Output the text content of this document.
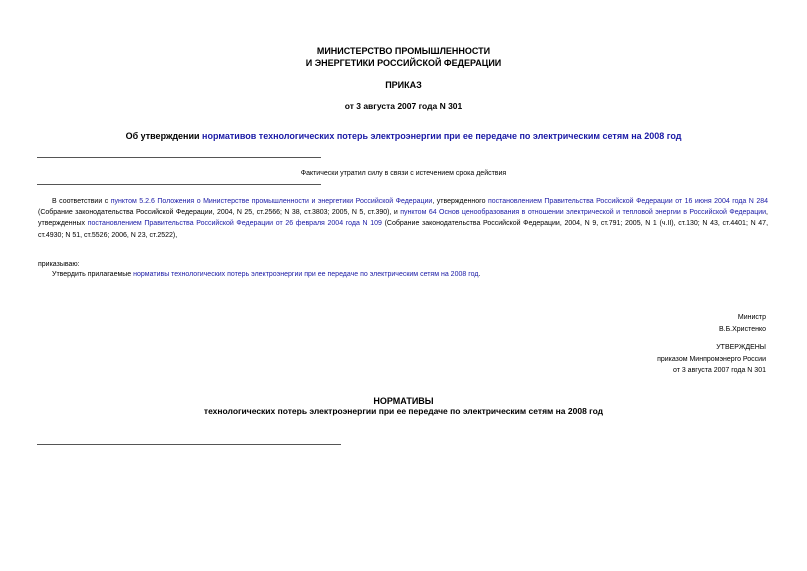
МИНИСТЕРСТВО ПРОМЫШЛЕННОСТИ
И ЭНЕРГЕТИКИ РОССИЙСКОЙ ФЕДЕРАЦИИ
ПРИКАЗ
от 3 августа 2007 года N 301
Об утверждении нормативов технологических потерь электроэнергии при ее передаче по электрическим сетям на 2008 год
Фактически утратил силу в связи с истечением срока действия
В соответствии с пунктом 5.2.6 Положения о Министерстве промышленности и энергетики Российской Федерации, утвержденного постановлением Правительства Российской Федерации от 16 июня 2004 года N 284 (Собрание законодательства Российской Федерации, 2004, N 25, ст.2566; N 38, ст.3803; 2005, N 5, ст.390), и пунктом 64 Основ ценообразования в отношении электрической и тепловой энергии в Российской Федерации, утвержденных постановлением Правительства Российской Федерации от 26 февраля 2004 года N 109 (Собрание законодательства Российской Федерации, 2004, N 9, ст.791; 2005, N 1 (ч.II), ст.130; N 43, ст.4401; N 47, ст.4930; N 51, ст.5526; 2006, N 23, ст.2522),
приказываю:
Утвердить прилагаемые нормативы технологических потерь электроэнергии при ее передаче по электрическим сетям на 2008 год.
Министр
В.Б.Христенко
УТВЕРЖДЕНЫ
приказом Минпромэнерго России
от 3 августа 2007 года N 301
НОРМАТИВЫ
технологических потерь электроэнергии при ее передаче по электрическим сетям на 2008 год
